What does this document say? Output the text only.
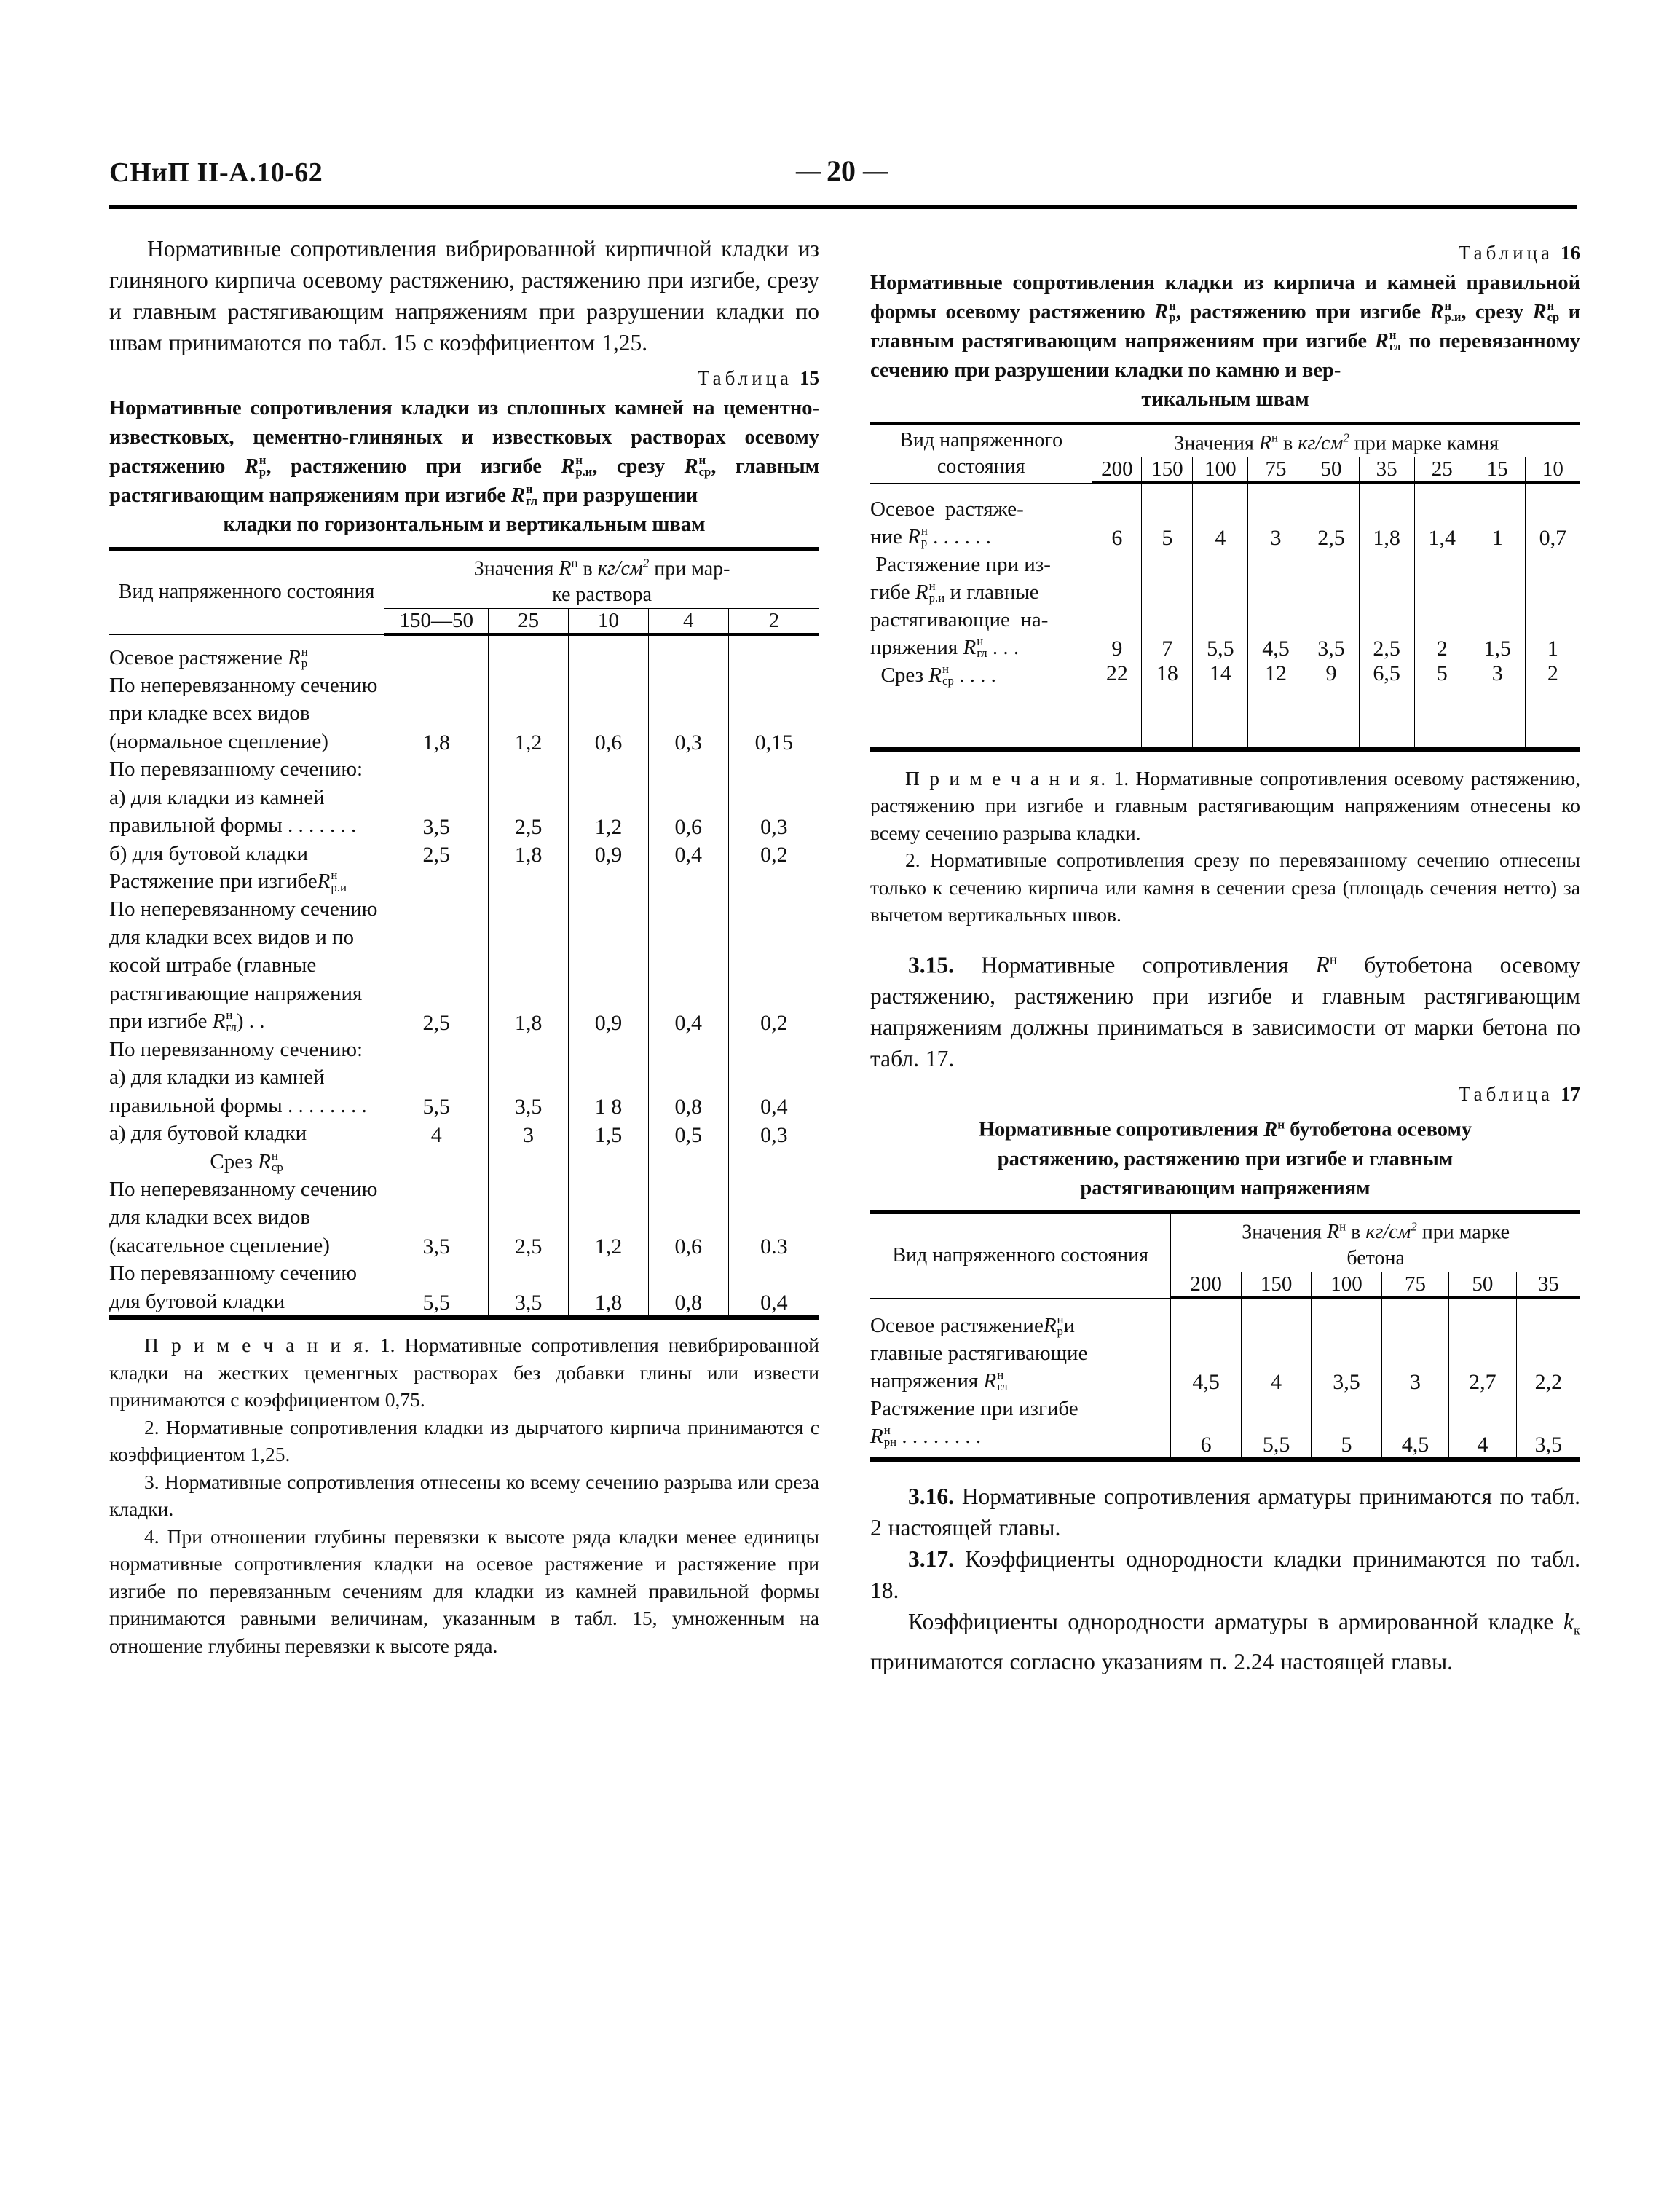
СНиП II-А.10-62	— 20 —

Нормативные сопротивления вибрированной кирпичной кладки из глиняного кирпича осевому растяжению, растяжению при изгибе, срезу и главным растягивающим напряжениям при разрушении кладки по швам принимаются по табл. 15 с коэффициентом 1,25.

Таблица 15
Нормативные сопротивления кладки из сплошных камней на цементно-известковых, цементно-глиняных и известковых растворах осевому растяжению R н
р , растяжению при изгибе R н
р.и , срезу R н
ср , главным растягивающим напряжениям при изгибе R н
гл при разрушении
кладки по горизонтальным и вертикальным швам
Вид напряженного состояния	Значения $R^н$ в $кг/см^2$ при мар-
ке раствора				
	150—50	25	10	4	2
Осевое растяжение R н
р					

По неперевязанному сечению при кладке всех видов (нормальное сцепление)	1,8	1,2	0,6	0,3	0,15
По перевязанному сечению:					
а) для кладки из камней правильной формы . . . . . . .	3,5	2,5	1,2	0,6	0,3
б) для бутовой кладки	2,5	1,8	0,9	0,4	0,2
Растяжение при изгибеR н
р.и					

По неперевязанному сечению для кладки всех видов и по косой штрабе (главные растягивающие напряжения при изгибе R н
гл ) . .	2,5	1,8	0,9	0,4	0,2
По перевязанному сечению:					
а) для кладки из камней правильной формы . . . . . . . .	5,5	3,5	1 8	0,8	0,4
а) для бутовой кладки	4	3	1,5	0,5	0,3
Срез R н
ср					

По неперевязанному сечению для кладки всех видов (касательное сцепление)	3,5	2,5	1,2	0,6	0.3
По перевязанному сечению для бутовой кладки	5,5	3,5	1,8	0,8	0,4

П р и м е ч а н и я. 1. Нормативные сопротивления невибрированной кладки на жестких цеменгных растворах без добавки глины или извести принимаются с коэффициентом 0,75.

2. Нормативные сопротивления кладки из дырчатого кирпича принимаются с коэффициентом 1,25.

3. Нормативные сопротивления отнесены ко всему сечению разрыва или среза кладки.

4. При отношении глубины перевязки к высоте ряда кладки менее единицы нормативные сопротивления кладки на осевое растяжение и растяжение при изгибе по перевязанным сечениям для кладки из камней правильной формы принимаются равными величинам, указанным в табл. 15, умноженным на отношение глубины перевязки к высоте ряда.

Таблица 16
Нормативные сопротивления кладки из кирпича и камней правильной формы осевому растяжению R н
р , растяжению при изгибе R н
р.и , срезу R н
ср и главным растягивающим напряжениям при изгибе R н
гл по перевязанному сечению при разрушении кладки по камню и вер-
тикальным швам
Вид напряженного
состояния	Значения $R^н$ в $кг/см^2$ при марке камня								
	200	150	100	75	50	35	25	15	10
Осевое  растяже-
ние R н
р . . . . . .	6	5	4	3	2,5	1,8	1,4	1	0,7
Растяжение при из-
гибе R н
р.и и главные
растягивающие  на-
пряжения R н
гл . . .	9	7	5,5	4,5	3,5	2,5	2	1,5	1
Срез R н
ср . . . .	22	18	14	12	9	6,5	5	3	2

П р и м е ч а н и я. 1. Нормативные сопротивления осевому растяжению, растяжению при изгибе и главным растягивающим напряжениям отнесены ко всему сечению разрыва кладки.

2. Нормативные сопротивления срезу по перевязанному сечению отнесены только к сечению кирпича или камня в сечении среза (площадь сечения нетто) за вычетом вертикальных швов.

3.15. Нормативные сопротивления $R^н$ бутобетона осевому растяжению, растяжению при изгибе и главным растягивающим напряжениям должны приниматься в зависимости от марки бетона по табл. 17.

Таблица 17
Нормативные сопротивления $R^н$ бутобетона осевому
растяжению, растяжению при изгибе и главным
растягивающим напряжениям
Вид напряженного состояния	Значения $R^н$ в $кг/см^2$ при марке
бетона					
	200	150	100	75	50	35
Осевое растяжениеR н
р и
главные растягивающие напряжения R н
гл	4,5	4	3,5	3	2,7	2,2
Растяжение при изгибе
R н
рн . . . . . . . .	6	5,5	5	4,5	4	3,5

3.16. Нормативные сопротивления арматуры принимаются по табл. 2 настоящей главы.

3.17. Коэффициенты однородности кладки принимаются по табл. 18.

Коэффициенты однородности арматуры в армированной кладке $k_к$ принимаются согласно указаниям п. 2.24 настоящей главы.
